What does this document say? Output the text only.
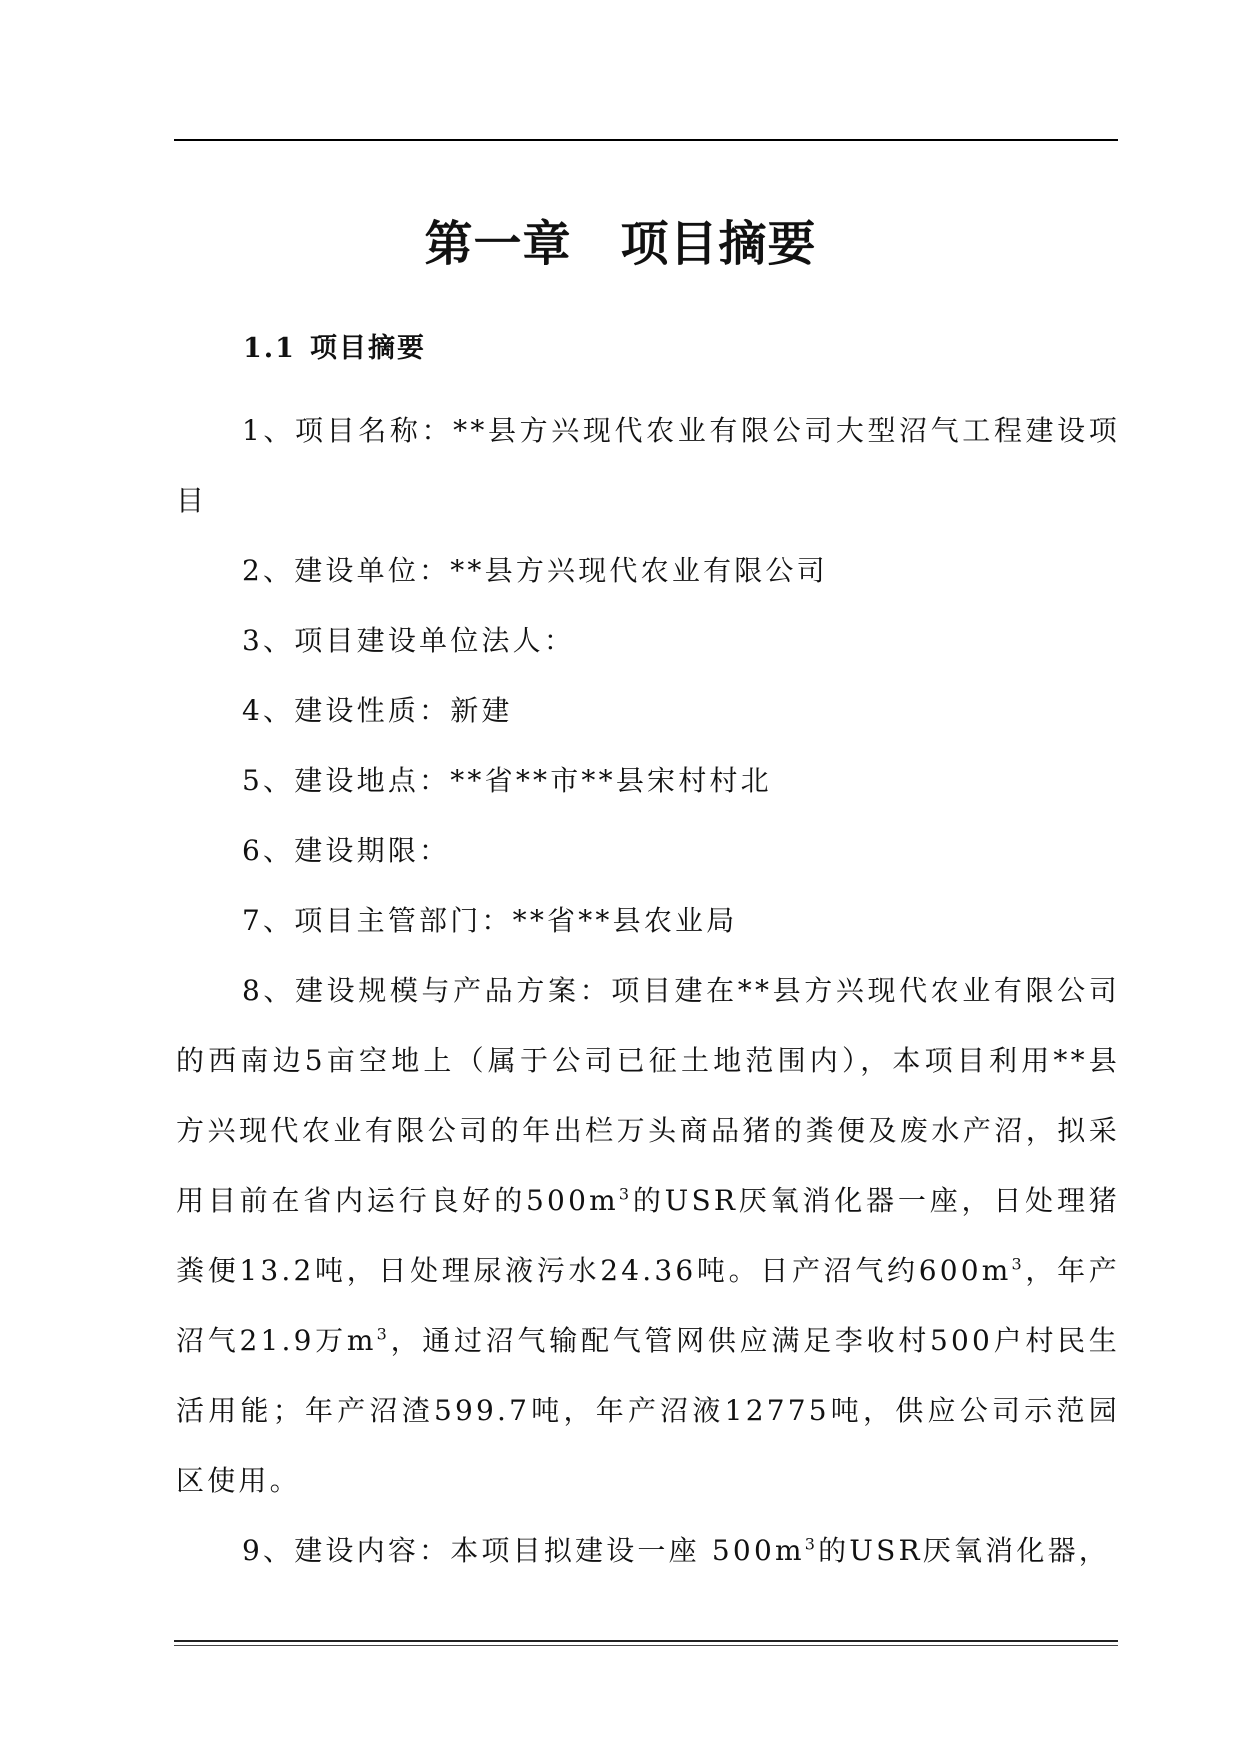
第一章　项目摘要
1.1 项目摘要

1、项目名称：**县方兴现代农业有限公司大型沼气工程建设项目

2、建设单位：**县方兴现代农业有限公司

3、项目建设单位法人：

4、建设性质：新建

5、建设地点：**省**市**县宋村村北

6、建设期限：

7、项目主管部门：**省**县农业局

8、建设规模与产品方案：项目建在**县方兴现代农业有限公司的西南边5亩空地上（属于公司已征土地范围内），本项目利用**县方兴现代农业有限公司的年出栏万头商品猪的粪便及废水产沼，拟采用目前在省内运行良好的$500m^3$的USR厌氧消化器一座，日处理猪粪便13.2吨，日处理尿液污水24.36吨。日产沼气约$600m^3$，年产沼气21.9万$m^3$，通过沼气输配气管网供应满足李收村500户村民生活用能；年产沼渣599.7吨，年产沼液12775吨，供应公司示范园区使用。

9、建设内容：本项目拟建设一座 $500m^3$的USR厌氧消化器，
